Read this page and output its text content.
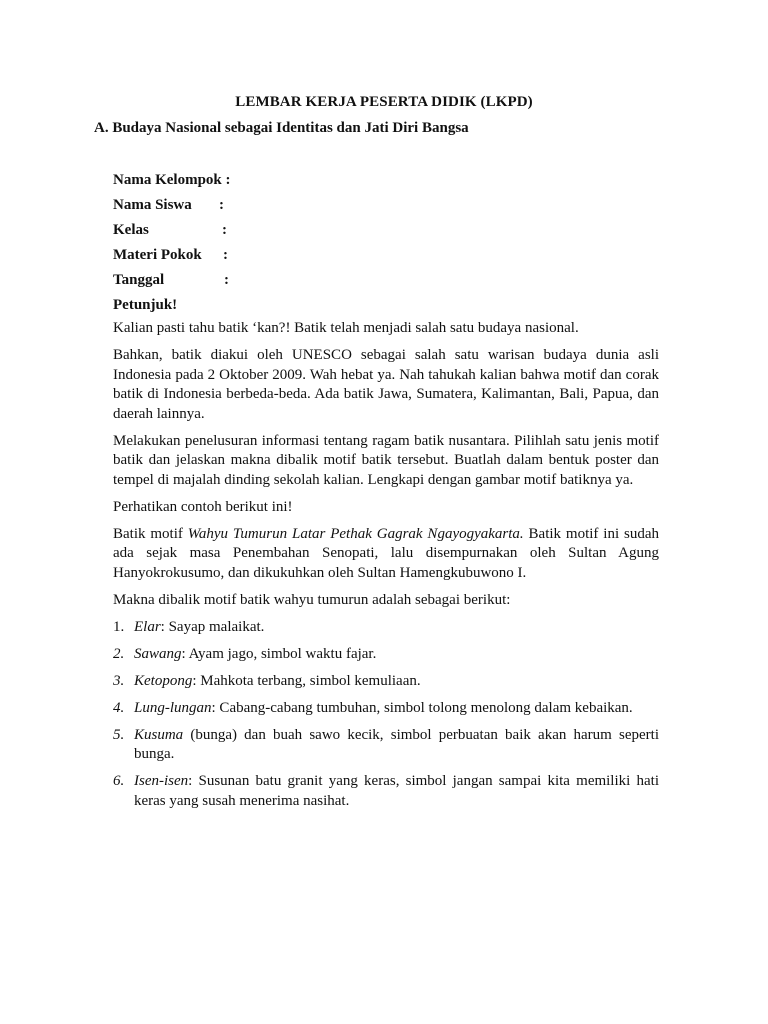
LEMBAR KERJA PESERTA DIDIK (LKPD)
A. Budaya Nasional sebagai Identitas dan Jati Diri Bangsa
Nama Kelompok :
Nama Siswa :
Kelas	:
Materi Pokok :
Tanggal	:
Petunjuk!

Kalian pasti tahu batik ‘kan?! Batik telah menjadi salah satu budaya nasional.

Bahkan, batik diakui oleh UNESCO sebagai salah satu warisan budaya dunia asli Indonesia pada 2 Oktober 2009. Wah hebat ya. Nah tahukah kalian bahwa motif dan corak batik di Indonesia berbeda-beda. Ada batik Jawa, Sumatera, Kalimantan, Bali, Papua, dan daerah lainnya.

Melakukan penelusuran informasi tentang ragam batik nusantara. Pilihlah satu jenis motif batik dan jelaskan makna dibalik motif batik tersebut. Buatlah dalam bentuk poster dan tempel di majalah dinding sekolah kalian. Lengkapi dengan gambar motif batiknya ya.

Perhatikan contoh berikut ini!

Batik motif Wahyu Tumurun Latar Pethak Gagrak Ngayogyakarta. Batik motif ini sudah ada sejak masa Penembahan Senopati, lalu disempurnakan oleh Sultan Agung Hanyokrokusumo, dan dikukuhkan oleh Sultan Hamengkubuwono I.

Makna dibalik motif batik wahyu tumurun adalah sebagai berikut:

1. Elar: Sayap malaikat.
2. Sawang: Ayam jago, simbol waktu fajar.
3. Ketopong: Mahkota terbang, simbol kemuliaan.
4. Lung-lungan: Cabang-cabang tumbuhan, simbol tolong menolong dalam kebaikan.
5. Kusuma (bunga) dan buah sawo kecik, simbol perbuatan baik akan harum seperti bunga.
6. Isen-isen: Susunan batu granit yang keras, simbol jangan sampai kita memiliki hati keras yang susah menerima nasihat.
